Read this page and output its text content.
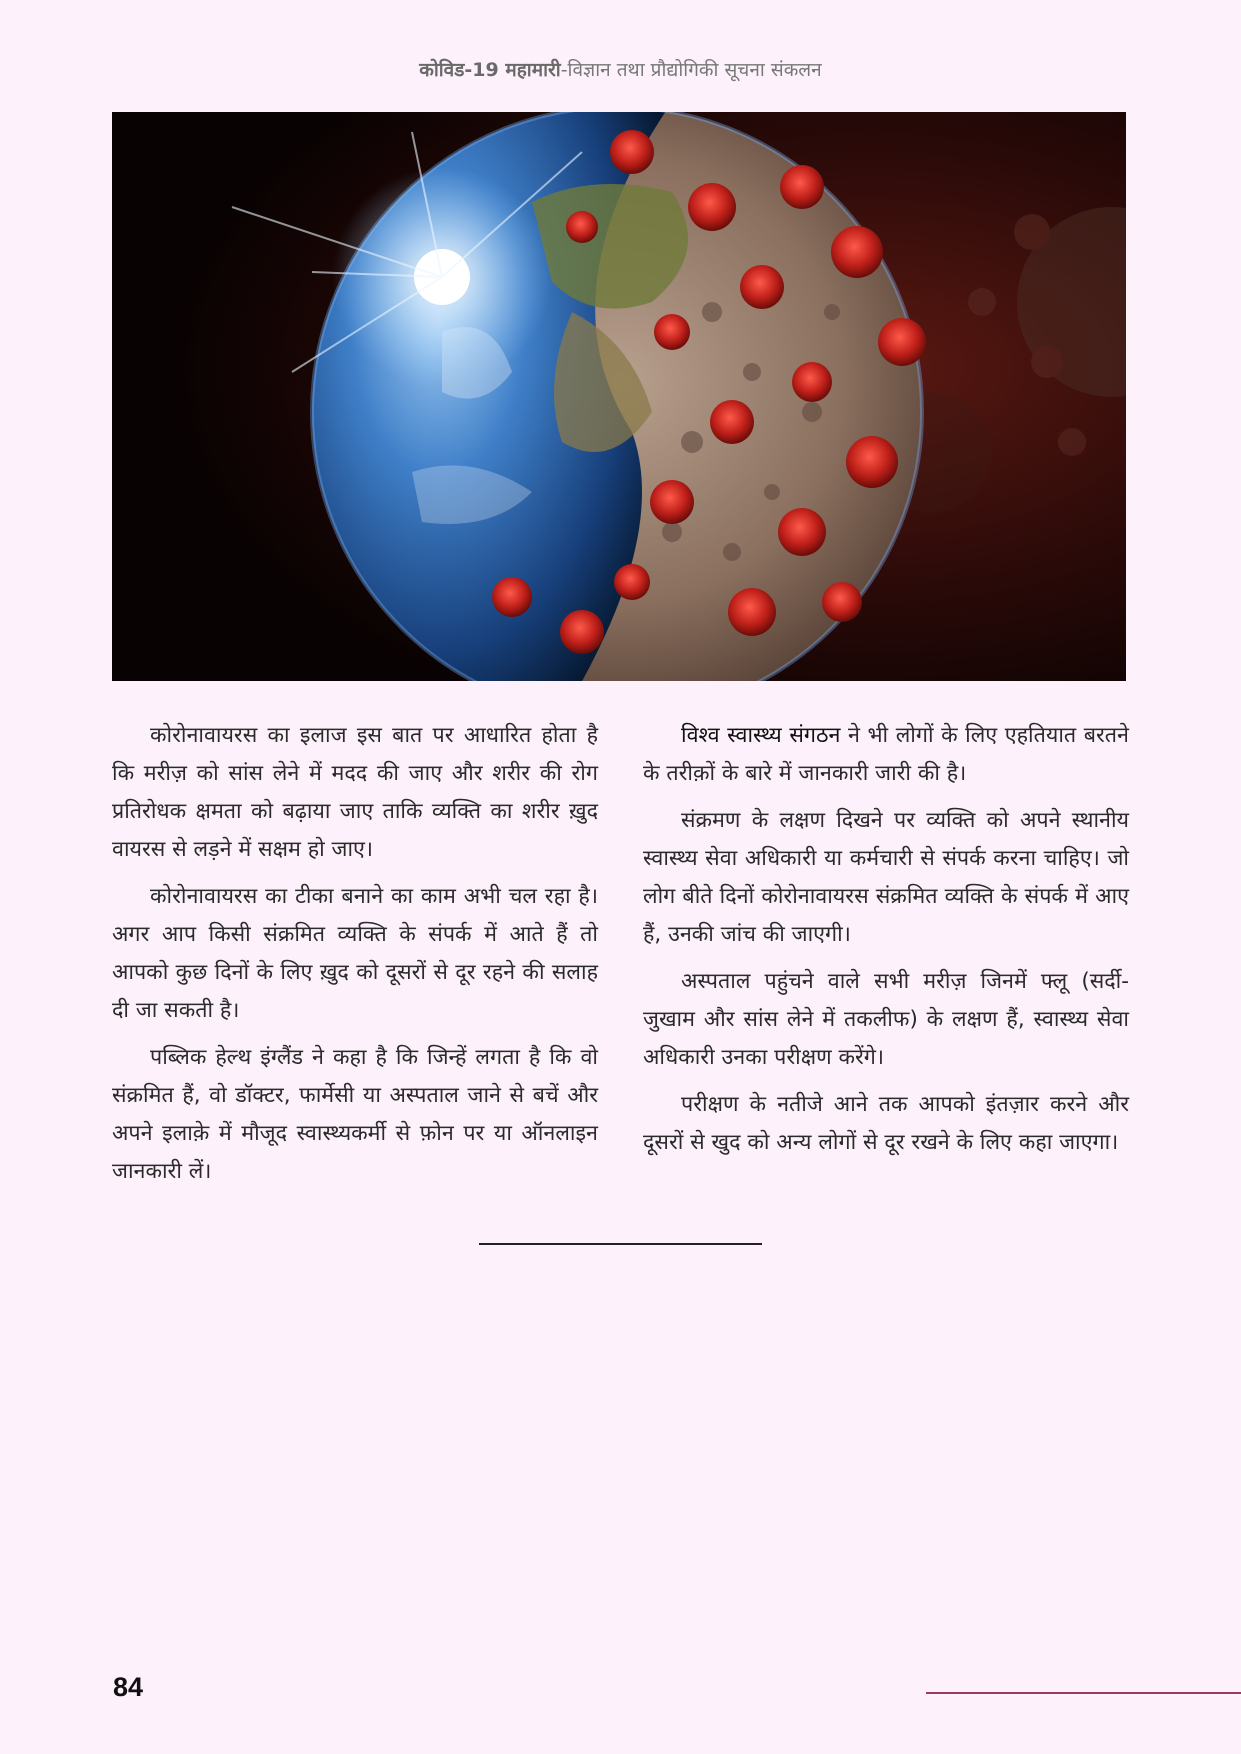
कोविड-19 महामारी-विज्ञान तथा प्रौद्योगिकी सूचना संकलन

कोरोनावायरस का इलाज इस बात पर आधारित होता है कि मरीज़ को सांस लेने में मदद की जाए और शरीर की रोग प्रतिरोधक क्षमता को बढ़ाया जाए ताकि व्यक्ति का शरीर ख़ुद वायरस से लड़ने में सक्षम हो जाए।

कोरोनावायरस का टीका बनाने का काम अभी चल रहा है। अगर आप किसी संक्रमित व्यक्ति के संपर्क में आते हैं तो आपको कुछ दिनों के लिए ख़ुद को दूसरों से दूर रहने की सलाह दी जा सकती है।

पब्लिक हेल्थ इंग्लैंड ने कहा है कि जिन्हें लगता है कि वो संक्रमित हैं, वो डॉक्टर, फार्मेसी या अस्पताल जाने से बचें और अपने इलाक़े में मौजूद स्वास्थ्यकर्मी से फ़ोन पर या ऑनलाइन जानकारी लें।

विश्व स्वास्थ्य संगठन ने भी लोगों के लिए एहतियात बरतने के तरीक़ों के बारे में जानकारी जारी की है।

संक्रमण के लक्षण दिखने पर व्यक्ति को अपने स्थानीय स्वास्थ्य सेवा अधिकारी या कर्मचारी से संपर्क करना चाहिए। जो लोग बीते दिनों कोरोनावायरस संक्रमित व्यक्ति के संपर्क में आए हैं, उनकी जांच की जाएगी।

अस्पताल पहुंचने वाले सभी मरीज़ जिनमें फ्लू (सर्दी-जुखाम और सांस लेने में तकलीफ) के लक्षण हैं, स्वास्थ्य सेवा अधिकारी उनका परीक्षण करेंगे।

परीक्षण के नतीजे आने तक आपको इंतज़ार करने और दूसरों से खुद को अन्य लोगों से दूर रखने के लिए कहा जाएगा।

84
